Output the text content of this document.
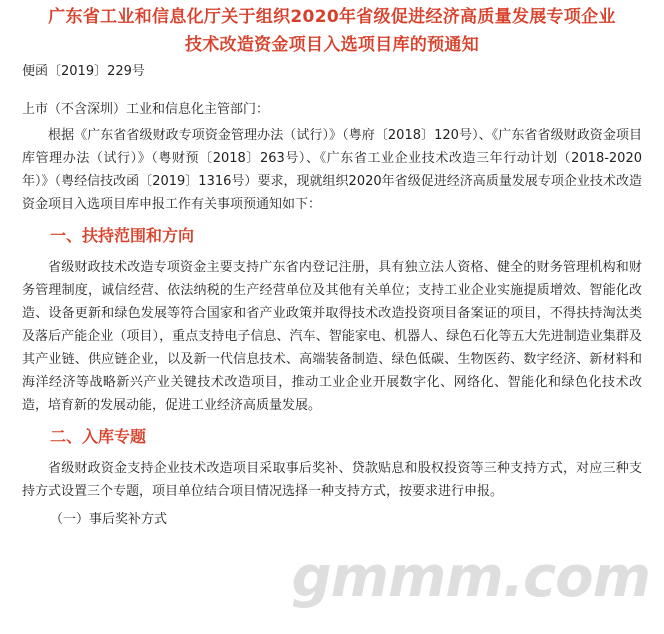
广东省工业和信息化厅关于组织2020年省级促进经济高质量发展专项企业
技术改造资金项目入选项目库的预通知
便函〔2019〕229号
上市（不含深圳）工业和信息化主管部门：

根据《广东省省级财政专项资金管理办法（试行）》（粤府〔2018〕120号）、《广东省省级财政资金项目库管理办法（试行）》（粤财预〔2018〕263号）、《广东省工业企业技术改造三年行动计划（2018-2020年）》（粤经信技改函〔2019〕1316号）要求，现就组织2020年省级促进经济高质量发展专项企业技术改造资金项目入选项目库申报工作有关事项预通知如下：

一、扶持范围和方向

省级财政技术改造专项资金主要支持广东省内登记注册，具有独立法人资格、健全的财务管理机构和财务管理制度，诚信经营、依法纳税的生产经营单位及其他有关单位；支持工业企业实施提质增效、智能化改造、设备更新和绿色发展等符合国家和省产业政策并取得技术改造投资项目备案证的项目，不得扶持淘汰类及落后产能企业（项目），重点支持电子信息、汽车、智能家电、机器人、绿色石化等五大先进制造业集群及其产业链、供应链企业，以及新一代信息技术、高端装备制造、绿色低碳、生物医药、数字经济、新材料和海洋经济等战略新兴产业关键技术改造项目，推动工业企业开展数字化、网络化、智能化和绿色化技术改造，培育新的发展动能，促进工业经济高质量发展。

二、入库专题

省级财政资金支持企业技术改造项目采取事后奖补、贷款贴息和股权投资等三种支持方式，对应三种支持方式设置三个专题，项目单位结合项目情况选择一种支持方式，按要求进行申报。

（一）事后奖补方式
gmmm.com
